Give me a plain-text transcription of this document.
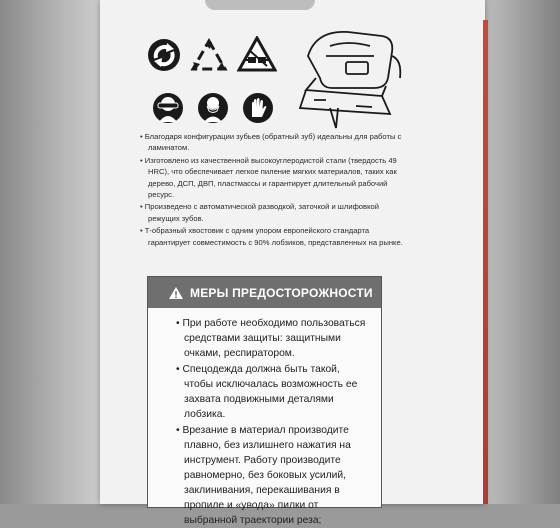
• Благодаря конфигурации зубьев (обратный зуб) идеальны для работы с ламинатом.

• Изготовлено из качественной высокоуглеродистой стали (твердость 49 HRC), что обеспечивает легкое пиление мягких материалов, таких как дерево, ДСП, ДВП, пластмассы и гарантирует длительный рабочий ресурс.

• Произведено с автоматической разводкой, заточкой и шлифовкой режущих зубов.

• Т-образный хвостовик с одним упором европейского стандарта гарантирует совместимость с 90% лобзиков, представленных на рынке.

МЕРЫ ПРЕДОСТОРОЖНОСТИ

• При работе необходимо пользоваться средствами защиты: защитными очками, респиратором.

• Спецодежда должна быть такой, чтобы исключалась возможность ее захвата подвижными деталями лобзика.

• Врезание в материал производите плавно, без излишнего нажатия на инструмент. Работу производите равномерно, без боковых усилий, заклинивания, перекашивания в пропиле и «увода» пилки от выбранной траектории реза;
